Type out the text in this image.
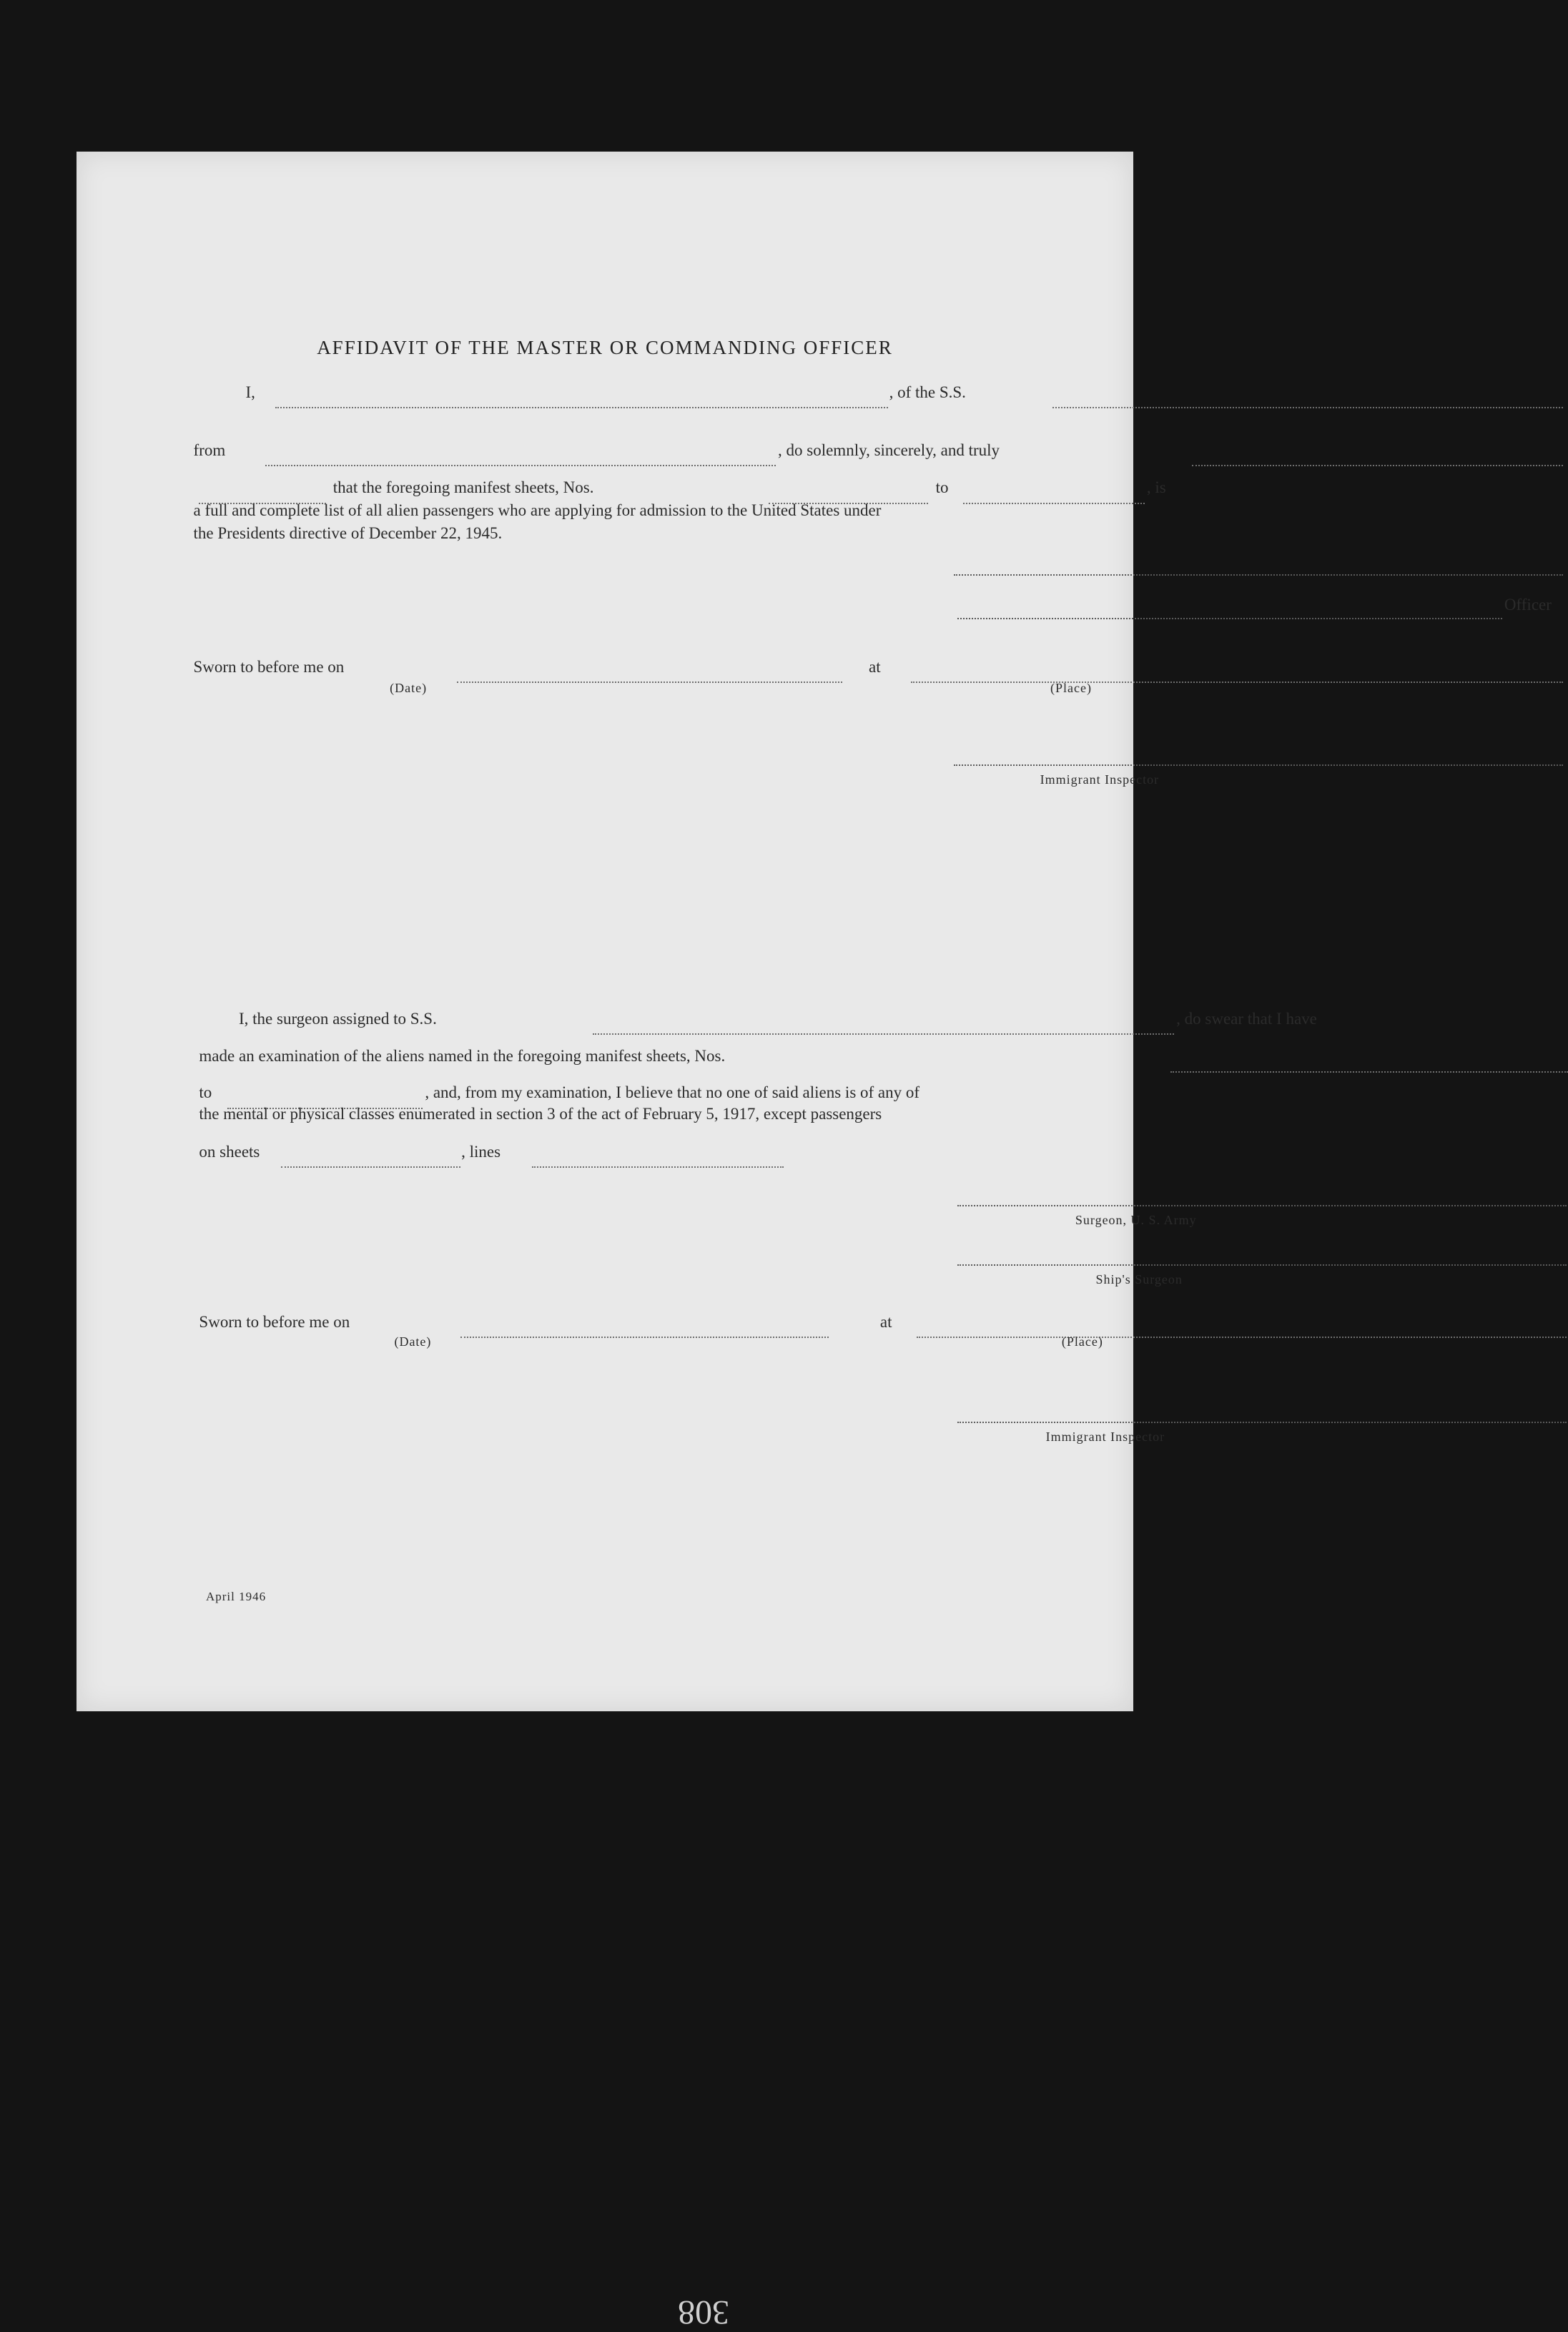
308
AFFIDAVIT OF THE MASTER OR COMMANDING OFFICER
I,	, of the S.S.
from	, do solemnly, sincerely, and truly
that the foregoing manifest sheets, Nos.	to	, is
a full and complete list of all alien passengers who are applying for admission to the United States under
the Presidents directive of December 22, 1945.
Officer
Sworn to before me on	at
(Date)	(Place)
Immigrant Inspector
I, the surgeon assigned to S.S.	, do swear that I have
made an examination of the aliens named in the foregoing manifest sheets, Nos.
to	, and, from my examination, I believe that no one of said aliens is of any of
the mental or physical classes enumerated in section 3 of the act of February 5, 1917, except passengers
on sheets	, lines
Surgeon, U. S. Army
Ship's Surgeon
Sworn to before me on	at
(Date)	(Place)
Immigrant Inspector
April 1946
